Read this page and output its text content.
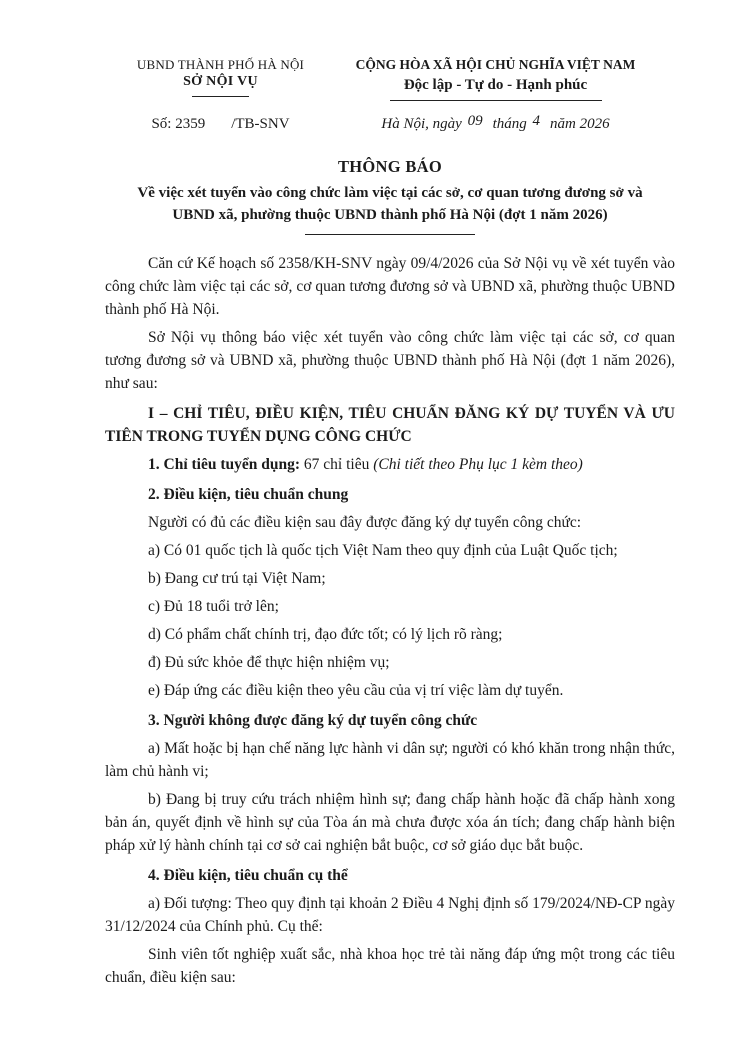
UBND THÀNH PHỐ HÀ NỘI
SỞ NỘI VỤ
CỘNG HÒA XÃ HỘI CHỦ NGHĨA VIỆT NAM
Độc lập - Tự do - Hạnh phúc
Số: 2359 /TB-SNV	Hà Nội, ngày 09 tháng 4 năm 2026
THÔNG BÁO
Về việc xét tuyển vào công chức làm việc tại các sở, cơ quan tương đương sở và
UBND xã, phường thuộc UBND thành phố Hà Nội (đợt 1 năm 2026)

Căn cứ Kế hoạch số 2358/KH-SNV ngày 09/4/2026 của Sở Nội vụ về xét tuyển vào công chức làm việc tại các sở, cơ quan tương đương sở và UBND xã, phường thuộc UBND thành phố Hà Nội.

Sở Nội vụ thông báo việc xét tuyển vào công chức làm việc tại các sở, cơ quan tương đương sở và UBND xã, phường thuộc UBND thành phố Hà Nội (đợt 1 năm 2026), như sau:

I – CHỈ TIÊU, ĐIỀU KIỆN, TIÊU CHUẨN ĐĂNG KÝ DỰ TUYỂN VÀ ƯU TIÊN TRONG TUYỂN DỤNG CÔNG CHỨC

1. Chỉ tiêu tuyển dụng: 67 chỉ tiêu (Chi tiết theo Phụ lục 1 kèm theo)

2. Điều kiện, tiêu chuẩn chung

Người có đủ các điều kiện sau đây được đăng ký dự tuyển công chức:

a) Có 01 quốc tịch là quốc tịch Việt Nam theo quy định của Luật Quốc tịch;

b) Đang cư trú tại Việt Nam;

c) Đủ 18 tuổi trở lên;

d) Có phẩm chất chính trị, đạo đức tốt; có lý lịch rõ ràng;

đ) Đủ sức khỏe để thực hiện nhiệm vụ;

e) Đáp ứng các điều kiện theo yêu cầu của vị trí việc làm dự tuyển.

3. Người không được đăng ký dự tuyển công chức

a) Mất hoặc bị hạn chế năng lực hành vi dân sự; người có khó khăn trong nhận thức, làm chủ hành vi;

b) Đang bị truy cứu trách nhiệm hình sự; đang chấp hành hoặc đã chấp hành xong bản án, quyết định về hình sự của Tòa án mà chưa được xóa án tích; đang chấp hành biện pháp xử lý hành chính tại cơ sở cai nghiện bắt buộc, cơ sở giáo dục bắt buộc.

4. Điều kiện, tiêu chuẩn cụ thể

a) Đối tượng: Theo quy định tại khoản 2 Điều 4 Nghị định số 179/2024/NĐ-CP ngày 31/12/2024 của Chính phủ. Cụ thể:

Sinh viên tốt nghiệp xuất sắc, nhà khoa học trẻ tài năng đáp ứng một trong các tiêu chuẩn, điều kiện sau:
